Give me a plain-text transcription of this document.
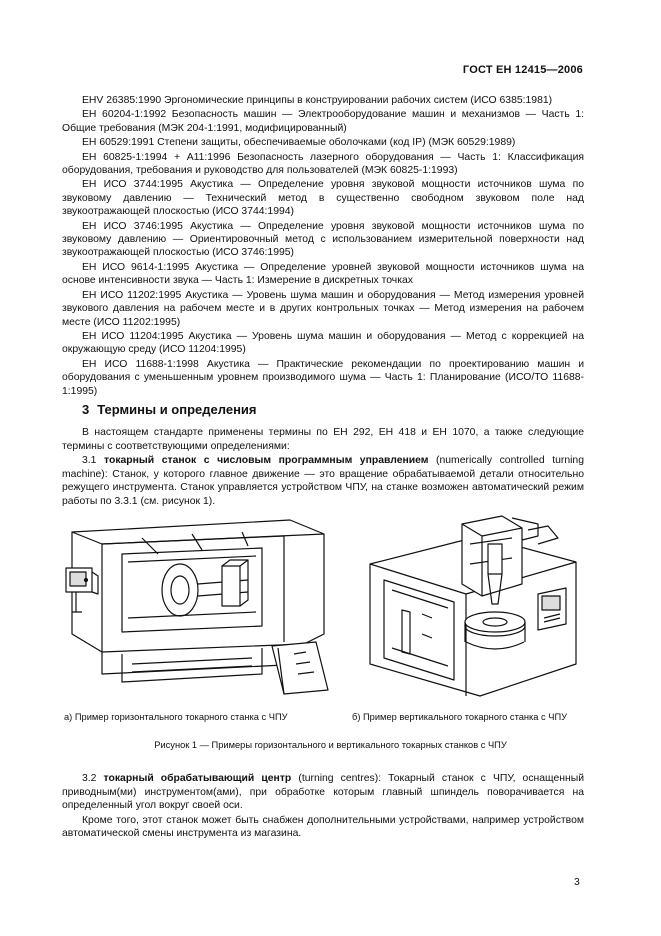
ГОСТ ЕН 12415—2006

ЕНV 26385:1990 Эргономические принципы в конструировании рабочих систем (ИСО 6385:1981)

ЕН 60204-1:1992 Безопасность машин — Электрооборудование машин и механизмов — Часть 1: Общие требования (МЭК 204-1:1991, модифицированный)

ЕН 60529:1991 Степени защиты, обеспечиваемые оболочками (код IP) (МЭК 60529:1989)

ЕН 60825-1:1994 + А11:1996 Безопасность лазерного оборудования — Часть 1: Классификация оборудования, требования и руководство для пользователей (МЭК 60825-1:1993)

ЕН ИСО 3744:1995 Акустика — Определение уровня звуковой мощности источников шума по звуковому давлению — Технический метод в существенно свободном звуковом поле над звукоотражающей плоскостью (ИСО 3744:1994)

ЕН ИСО 3746:1995 Акустика — Определение уровня звуковой мощности источников шума по звуковому давлению — Ориентировочный метод с использованием измерительной поверхности над звукоотражающей плоскостью (ИСО 3746:1995)

ЕН ИСО 9614-1:1995 Акустика — Определение уровней звуковой мощности источников шума на основе интенсивности звука — Часть 1: Измерение в дискретных точках

ЕН ИСО 11202:1995 Акустика — Уровень шума машин и оборудования — Метод измерения уровней звукового давления на рабочем месте и в других контрольных точках — Метод измерения на рабочем месте (ИСО 11202:1995)

ЕН ИСО 11204:1995 Акустика — Уровень шума машин и оборудования — Метод с коррекцией на окружающую среду (ИСО 11204:1995)

ЕН ИСО 11688-1:1998 Акустика — Практические рекомендации по проектированию машин и оборудования с уменьшенным уровнем производимого шума — Часть 1: Планирование (ИСО/ТО 11688-1:1995)

3 Термины и определения

В настоящем стандарте применены термины по ЕН 292, ЕН 418 и ЕН 1070, а также следующие термины с соответствующими определениями:

3.1 токарный станок с числовым программным управлением (numerically controlled turning machine): Станок, у которого главное движение — это вращение обрабатываемой детали относительно режущего инструмента. Станок управляется устройством ЧПУ, на станке возможен автоматический режим работы по 3.3.1 (см. рисунок 1).

а) Пример горизонтального токарного станка с ЧПУ	б) Пример вертикального токарного станка с ЧПУ
Рисунок 1 — Примеры горизонтального и вертикального токарных станков с ЧПУ

3.2 токарный обрабатывающий центр (turning centres): Токарный станок с ЧПУ, оснащенный приводным(ми) инструментом(ами), при обработке которым главный шпиндель поворачивается на определенный угол вокруг своей оси.

Кроме того, этот станок может быть снабжен дополнительными устройствами, например устройством автоматической смены инструмента из магазина.

3
